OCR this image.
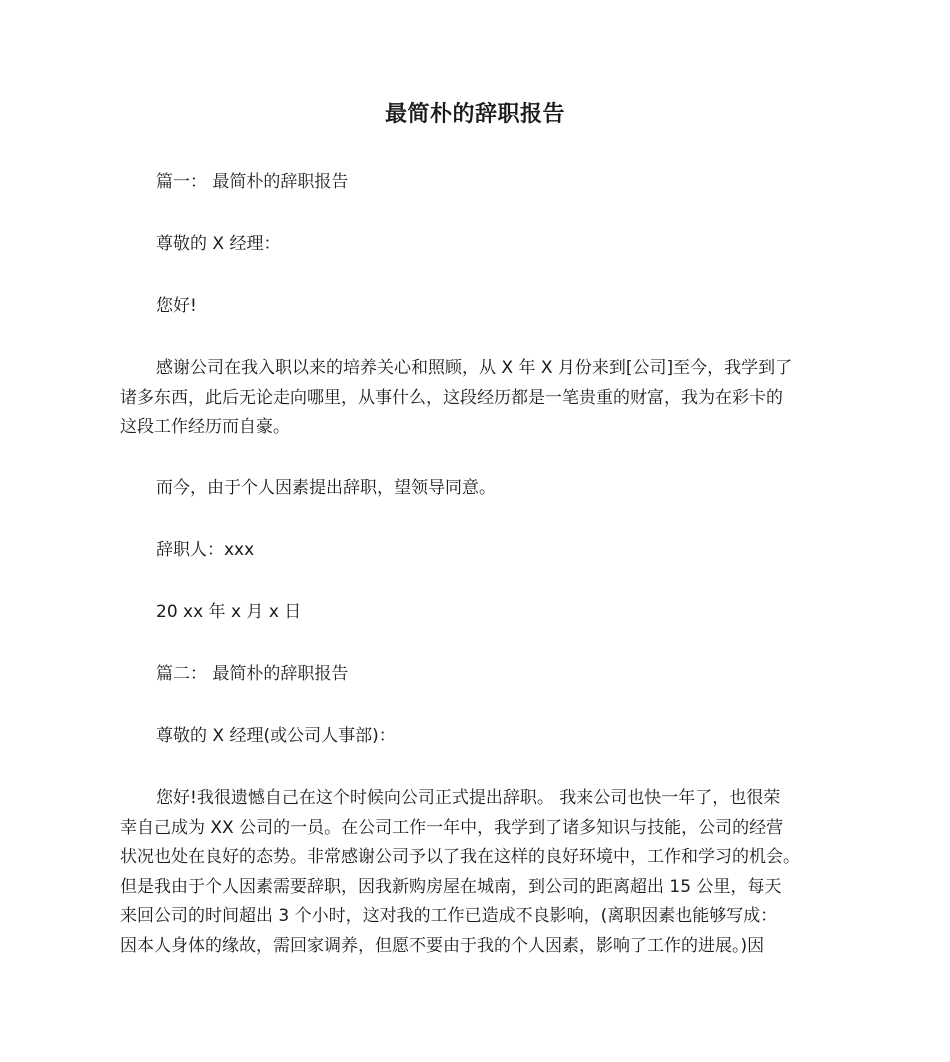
最简朴的辞职报告

篇一： 最简朴的辞职报告

尊敬的 X 经理：

您好!

感谢公司在我入职以来的培养关心和照顾，从 X 年 X 月份来到[公司]至今，我学到了
诸多东西，此后无论走向哪里，从事什么，这段经历都是一笔贵重的财富，我为在彩卡的
这段工作经历而自豪。

而今，由于个人因素提出辞职，望领导同意。

辞职人：xxx

20 xx 年 x 月 x 日

篇二： 最简朴的辞职报告

尊敬的 X 经理(或公司人事部)：

您好!我很遗憾自己在这个时候向公司正式提出辞职。 我来公司也快一年了，也很荣
幸自己成为 XX 公司的一员。在公司工作一年中，我学到了诸多知识与技能，公司的经营
状况也处在良好的态势。非常感谢公司予以了我在这样的良好环境中，工作和学习的机会。
但是我由于个人因素需要辞职，因我新购房屋在城南，到公司的距离超出 15 公里，每天
来回公司的时间超出 3 个小时，这对我的工作已造成不良影响，(离职因素也能够写成：
因本人身体的缘故，需回家调养，但愿不要由于我的个人因素，影响了工作的进展。)因
